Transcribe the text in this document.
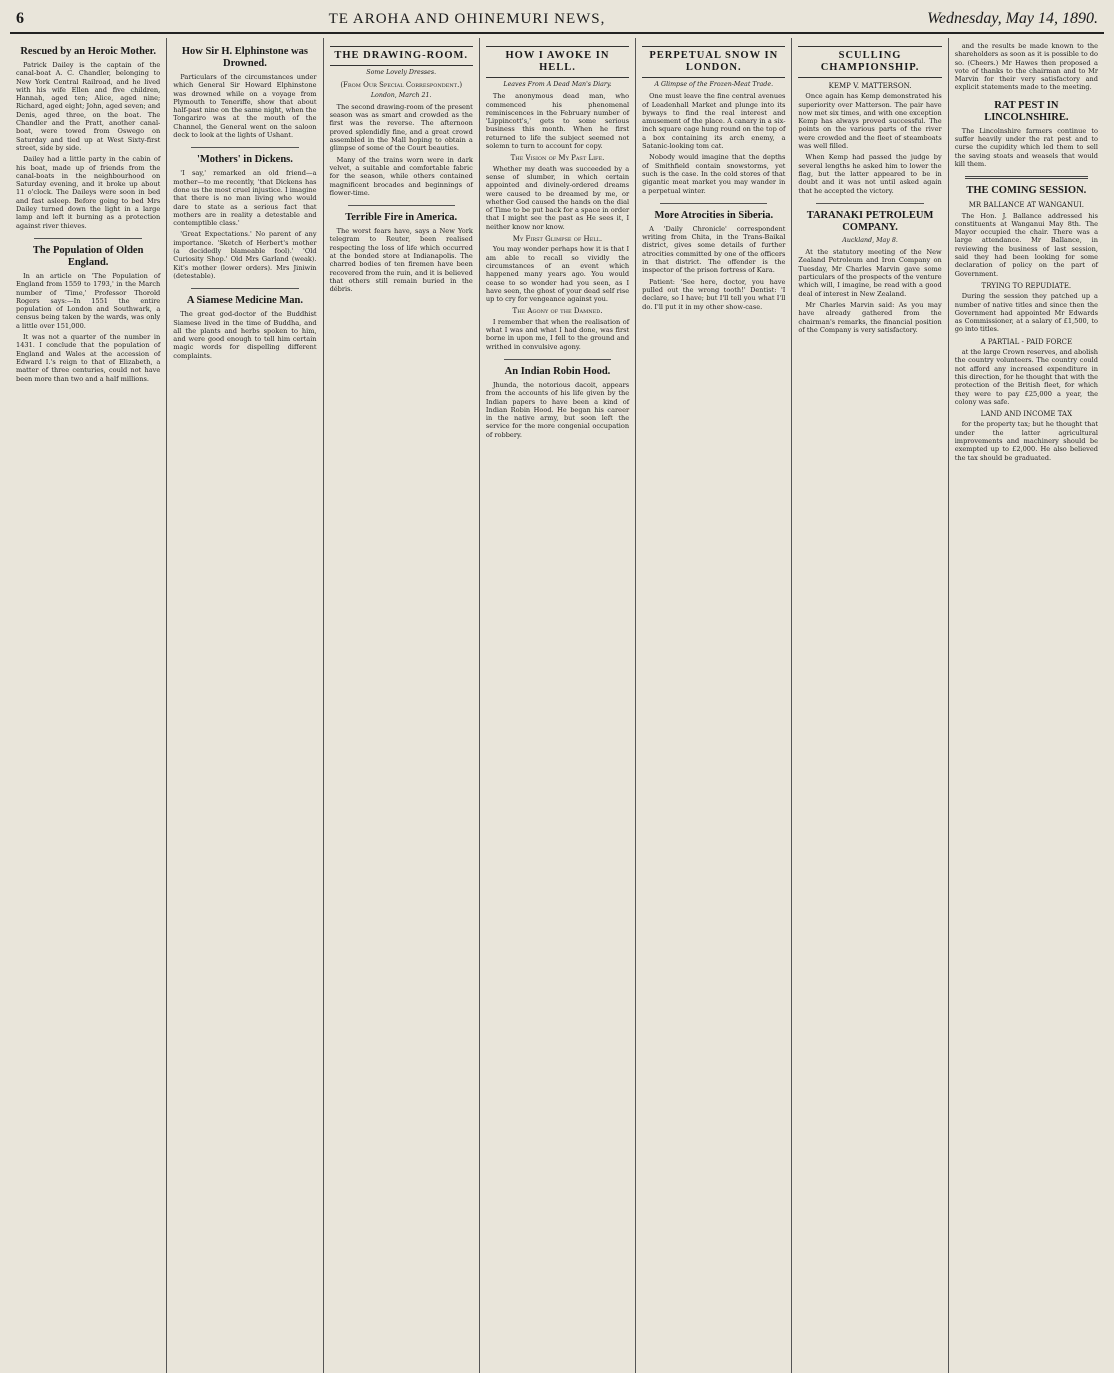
6	TE AROHA AND OHINEMURI NEWS,	Wednesday, May 14, 1890.
Rescued by an Heroic Mother.

Patrick Dailey is the captain of the canal-boat A. C. Chandler, belonging to New York Central Railroad, and he lived with his wife Ellen and five children, Hannah, aged ten; Alice, aged nine; Richard, aged eight; John, aged seven; and Denis, aged three, on the boat. The Chandler and the Pratt, another canal-boat, were towed from Oswego on Saturday and tied up at West Sixty-first street, side by side.

Dailey had a little party in the cabin of his boat, made up of friends from the canal-boats in the neighbourhood on Saturday evening, and it broke up about 11 o'clock. The Daileys were soon in bed and fast asleep. Before going to bed Mrs Dailey turned down the light in a large lamp and left it burning as a protection against river thieves.

The Population of Olden England.

In an article on 'The Population of England from 1559 to 1793,' in the March number of 'Time,' Professor Thorold Rogers says:—In 1551 the entire population of London and Southwark, a census being taken by the wards, was only a little over 151,000.

It was not a quarter of the number in 1431. I conclude that the population of England and Wales at the accession of Edward I.'s reign to that of Elizabeth, a matter of three centuries, could not have been more than two and a half millions.

How Sir H. Elphinstone was Drowned.

Particulars of the circumstances under which General Sir Howard Elphinstone was drowned while on a voyage from Plymouth to Teneriffe, show that about half-past nine on the same night, when the Tongariro was at the mouth of the Channel, the General went on the saloon deck to look at the lights of Ushant.

'Mothers' in Dickens.

'I say,' remarked an old friend—a mother—to me recently, 'that Dickens has done us the most cruel injustice. I imagine that there is no man living who would dare to state as a serious fact that mothers are in reality a detestable and contemptible class.'

'Great Expectations.' No parent of any importance. 'Sketch of Herbert's mother (a decidedly blameable fool).' 'Old Curiosity Shop.' Old Mrs Garland (weak). Kit's mother (lower orders). Mrs Jiniwin (detestable).

A Siamese Medicine Man.

The great god-doctor of the Buddhist Siamese lived in the time of Buddha, and all the plants and herbs spoken to him, and were good enough to tell him certain magic words for dispelling different complaints.

THE DRAWING-ROOM.
Some Lovely Dresses.
(From Our Special Correspondent.)
London, March 21.

The second drawing-room of the present season was as smart and crowded as the first was the reverse. The afternoon proved splendidly fine, and a great crowd assembled in the Mall hoping to obtain a glimpse of some of the Court beauties.

Many of the trains worn were in dark velvet, a suitable and comfortable fabric for the season, while others contained magnificent brocades and beginnings of flower-time.

Terrible Fire in America.

The worst fears have, says a New York telegram to Reuter, been realised respecting the loss of life which occurred at the bonded store at Indianapolis. The charred bodies of ten firemen have been recovered from the ruin, and it is believed that others still remain buried in the débris.

HOW I AWOKE IN HELL.
Leaves From A Dead Man's Diary.

The anonymous dead man, who commenced his phenomenal reminiscences in the February number of 'Lippincott's,' gets to some serious business this month. When he first returned to life the subject seemed not solemn to turn to account for copy.

The Vision of My Past Life.

Whether my death was succeeded by a sense of slumber, in which certain appointed and divinely-ordered dreams were caused to be dreamed by me, or whether God caused the hands on the dial of Time to be put back for a space in order that I might see the past as He sees it, I neither know nor know.

My First Glimpse of Hell.

You may wonder perhaps how it is that I am able to recall so vividly the circumstances of an event which happened many years ago. You would cease to so wonder had you seen, as I have seen, the ghost of your dead self rise up to cry for vengeance against you.

The Agony of the Damned.

I remember that when the realisation of what I was and what I had done, was first borne in upon me, I fell to the ground and writhed in convulsive agony.

An Indian Robin Hood.

Jhunda, the notorious dacoit, appears from the accounts of his life given by the Indian papers to have been a kind of Indian Robin Hood. He began his career in the native army, but soon left the service for the more congenial occupation of robbery.

PERPETUAL SNOW IN LONDON.
A Glimpse of the Frozen-Meat Trade.

One must leave the fine central avenues of Leadenhall Market and plunge into its byways to find the real interest and amusement of the place. A canary in a six-inch square cage hung round on the top of a box containing its arch enemy, a Satanic-looking tom cat.

Nobody would imagine that the depths of Smithfield contain snowstorms, yet such is the case. In the cold stores of that gigantic meat market you may wander in a perpetual winter.

More Atrocities in Siberia.

A 'Daily Chronicle' correspondent writing from Chita, in the Trans-Baikal district, gives some details of further atrocities committed by one of the officers in that district. The offender is the inspector of the prison fortress of Kara.

Patient: 'See here, doctor, you have pulled out the wrong tooth!' Dentist: 'I declare, so I have; but I'll tell you what I'll do. I'll put it in my other show-case.

SCULLING CHAMPIONSHIP.
KEMP V. MATTERSON.

Once again has Kemp demonstrated his superiority over Matterson. The pair have now met six times, and with one exception Kemp has always proved successful. The points on the various parts of the river were crowded and the fleet of steamboats was well filled.

When Kemp had passed the judge by several lengths he asked him to lower the flag, but the latter appeared to be in doubt and it was not until asked again that he accepted the victory.

TARANAKI PETROLEUM COMPANY.
Auckland, May 8.

At the statutory meeting of the New Zealand Petroleum and Iron Company on Tuesday, Mr Charles Marvin gave some particulars of the prospects of the venture which will, I imagine, be read with a good deal of interest in New Zealand.

Mr Charles Marvin said: As you may have already gathered from the chairman's remarks, the financial position of the Company is very satisfactory.

and the results be made known to the shareholders as soon as it is possible to do so. (Cheers.) Mr Hawes then proposed a vote of thanks to the chairman and to Mr Marvin for their very satisfactory and explicit statements made to the meeting.

RAT PEST IN LINCOLNSHIRE.

The Lincolnshire farmers continue to suffer heavily under the rat pest and to curse the cupidity which led them to sell the saving stoats and weasels that would kill them.

THE COMING SESSION.
MR BALLANCE AT WANGANUI.

The Hon. J. Ballance addressed his constituents at Wanganui May 8th. The Mayor occupied the chair. There was a large attendance. Mr Ballance, in reviewing the business of last session, said they had been looking for some declaration of policy on the part of Government.

TRYING TO REPUDIATE.

During the session they patched up a number of native titles and since then the Government had appointed Mr Edwards as Commissioner, at a salary of £1,500, to go into titles.

A PARTIAL - PAID FORCE

at the large Crown reserves, and abolish the country volunteers. The country could not afford any increased expenditure in this direction, for he thought that with the protection of the British fleet, for which they were to pay £25,000 a year, the colony was safe.

LAND AND INCOME TAX

for the property tax; but he thought that under the latter agricultural improvements and machinery should be exempted up to £2,000. He also believed the tax should be graduated.
